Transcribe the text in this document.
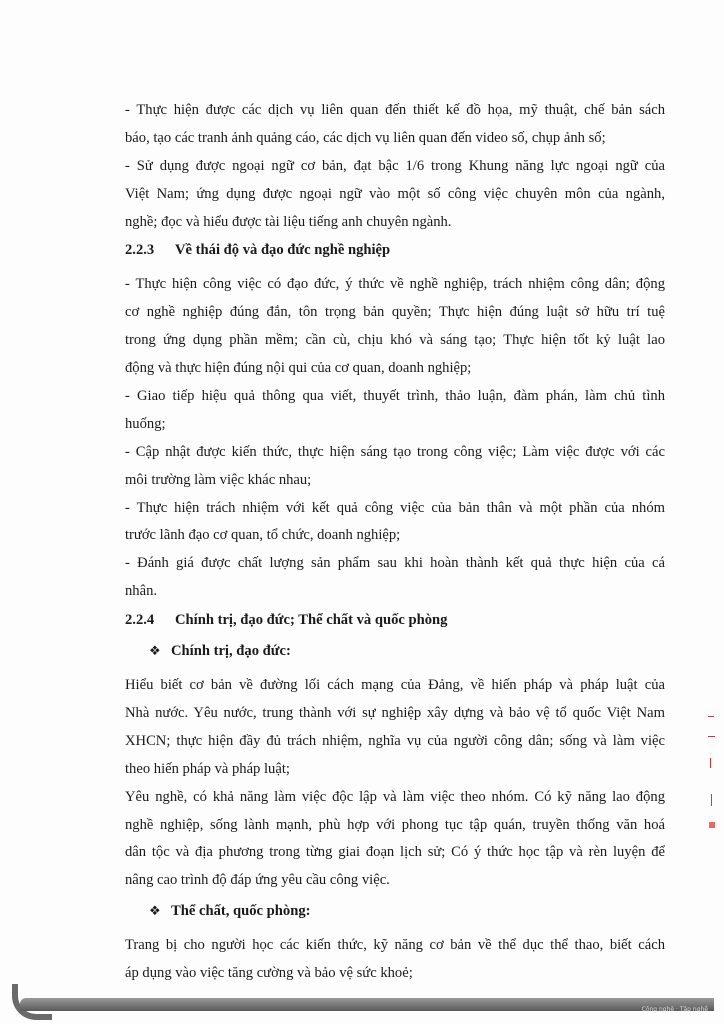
- Thực hiện được các dịch vụ liên quan đến thiết kế đồ họa, mỹ thuật, chế bản sách
báo, tạo các tranh ảnh quảng cáo, các dịch vụ liên quan đến video số, chụp ảnh số;
- Sử dụng được ngoại ngữ cơ bản, đạt bậc 1/6 trong Khung năng lực ngoại ngữ của
Việt Nam; ứng dụng được ngoại ngữ vào một số công việc chuyên môn của ngành,
nghề; đọc và hiểu được tài liệu tiếng anh chuyên ngành.
2.2.3 Về thái độ và đạo đức nghề nghiệp
- Thực hiện công việc có đạo đức, ý thức về nghề nghiệp, trách nhiệm công dân; động
cơ nghề nghiệp đúng đắn, tôn trọng bản quyền; Thực hiện đúng luật sở hữu trí tuệ
trong ứng dụng phần mềm; cần cù, chịu khó và sáng tạo; Thực hiện tốt kỷ luật lao
động và thực hiện đúng nội qui của cơ quan, doanh nghiệp;
- Giao tiếp hiệu quả thông qua viết, thuyết trình, thảo luận, đàm phán, làm chủ tình
huống;
- Cập nhật được kiến thức, thực hiện sáng tạo trong công việc; Làm việc được với các
môi trường làm việc khác nhau;
- Thực hiện trách nhiệm với kết quả công việc của bản thân và một phần của nhóm
trước lãnh đạo cơ quan, tổ chức, doanh nghiệp;
- Đánh giá được chất lượng sản phẩm sau khi hoàn thành kết quả thực hiện của cá
nhân.
2.2.4 Chính trị, đạo đức; Thể chất và quốc phòng
❖ Chính trị, đạo đức:
Hiểu biết cơ bản về đường lối cách mạng của Đảng, về hiến pháp và pháp luật của
Nhà nước. Yêu nước, trung thành với sự nghiệp xây dựng và bảo vệ tổ quốc Việt Nam
XHCN; thực hiện đầy đủ trách nhiệm, nghĩa vụ của người công dân; sống và làm việc
theo hiến pháp và pháp luật;
Yêu nghề, có khả năng làm việc độc lập và làm việc theo nhóm. Có kỹ năng lao động
nghề nghiệp, sống lành mạnh, phù hợp với phong tục tập quán, truyền thống văn hoá
dân tộc và địa phương trong từng giai đoạn lịch sử; Có ý thức học tập và rèn luyện để
nâng cao trình độ đáp ứng yêu cầu công việc.
❖ Thể chất, quốc phòng:
Trang bị cho người học các kiến thức, kỹ năng cơ bản về thể dục thể thao, biết cách
áp dụng vào việc tăng cường và bảo vệ sức khoẻ;
Cộng nghệ · Tập nghề
